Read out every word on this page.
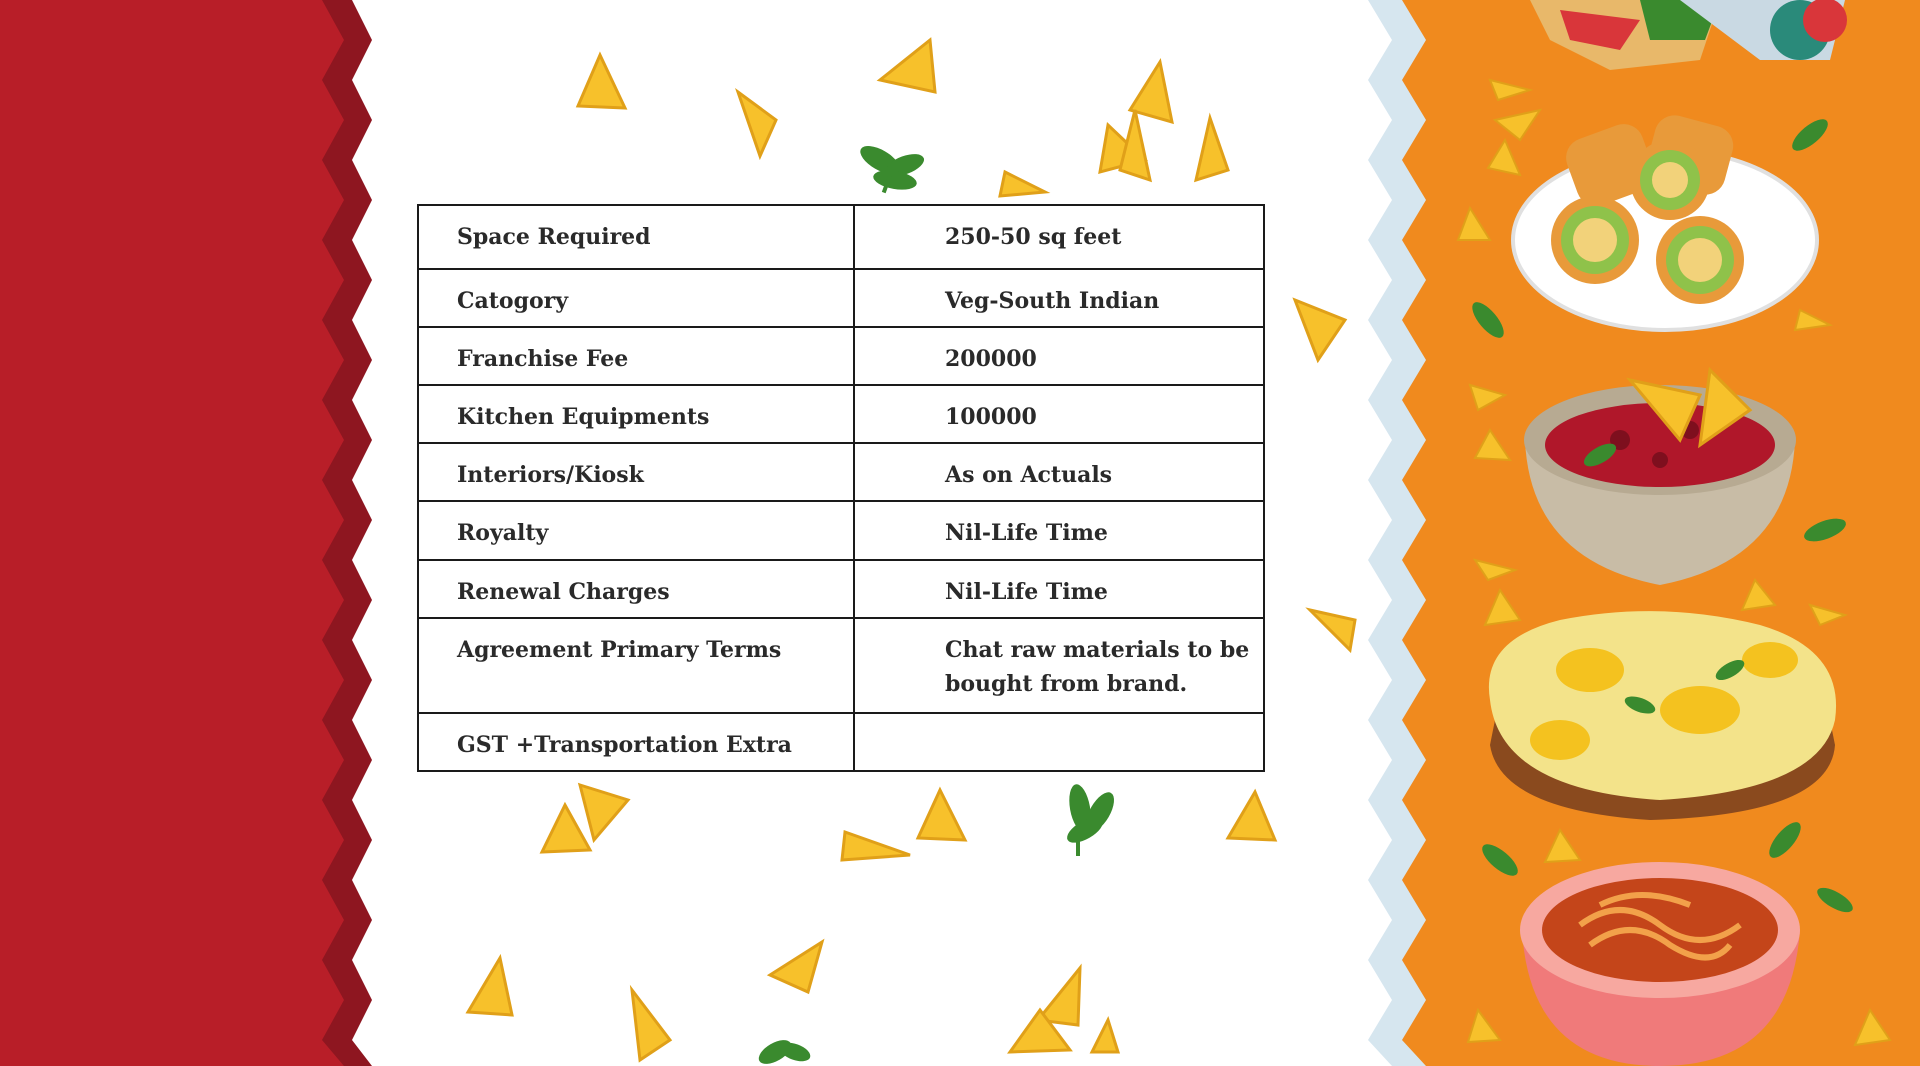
Space Required	250-50 sq feet
Catogory	Veg-South Indian
Franchise Fee	200000
Kitchen Equipments	100000
Interiors/Kiosk	As on Actuals
Royalty	Nil-Life Time
Renewal Charges	Nil-Life Time
Agreement Primary Terms	Chat raw materials to be bought from brand.
GST +Transportation Extra	
